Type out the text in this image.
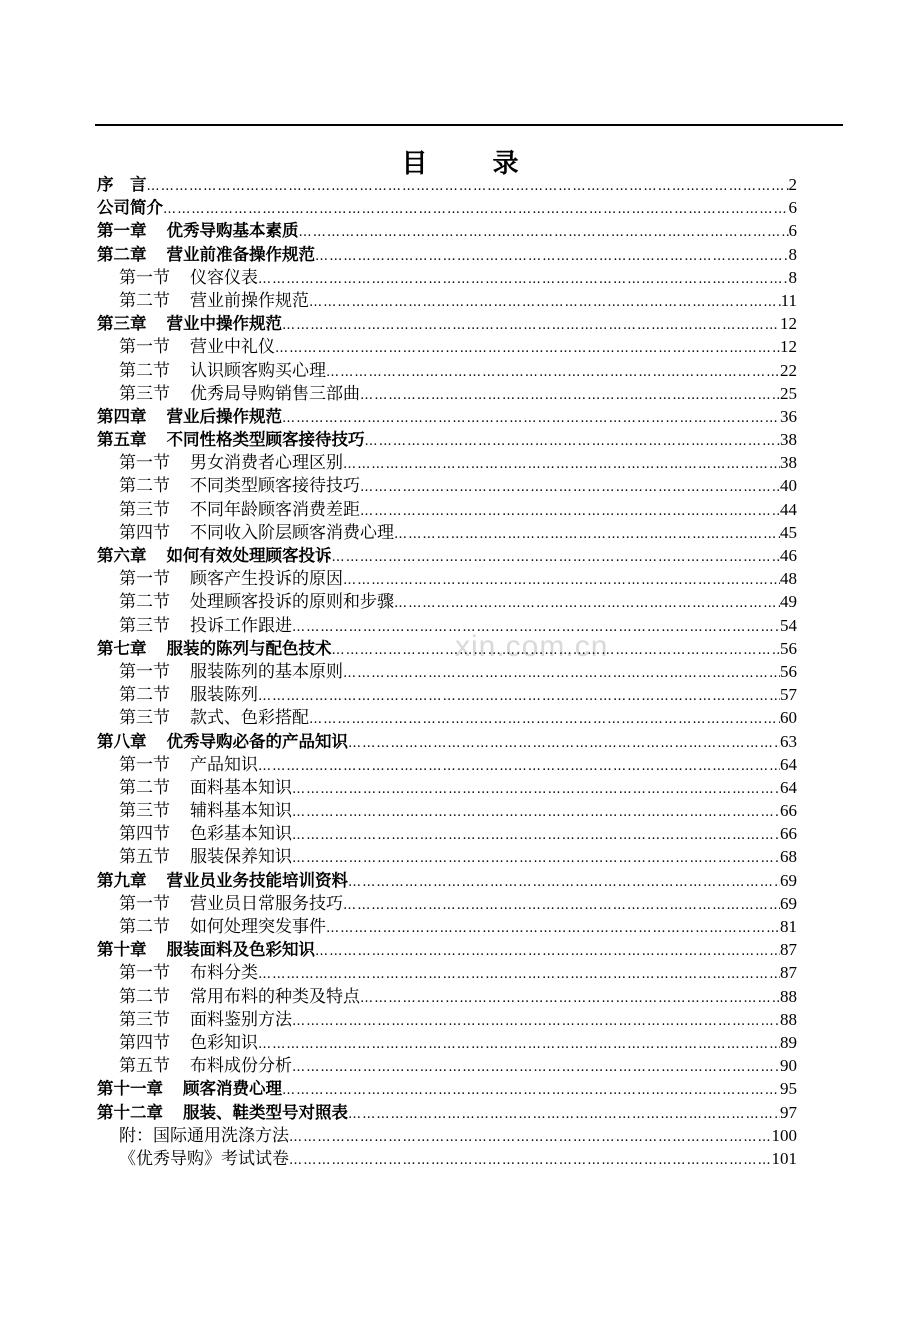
目 录
xin.com.cn
序　言 ……………………………………………………………………………………………………………………………………………………………………………………………………	2
公司简介 ……………………………………………………………………………………………………………………………………………………………………………………………………	6
第一章 优秀导购基本素质 ……………………………………………………………………………………………………………………………………………………………………………………………………	6
第二章 营业前准备操作规范 ……………………………………………………………………………………………………………………………………………………………………………………………………	8
第一节 仪容仪表 ……………………………………………………………………………………………………………………………………………………………………………………………………	8
第二节 营业前操作规范 ……………………………………………………………………………………………………………………………………………………………………………………………………	11
第三章 营业中操作规范 ……………………………………………………………………………………………………………………………………………………………………………………………………	12
第一节 营业中礼仪 ……………………………………………………………………………………………………………………………………………………………………………………………………	12
第二节 认识顾客购买心理 ……………………………………………………………………………………………………………………………………………………………………………………………………	22
第三节 优秀局导购销售三部曲 ……………………………………………………………………………………………………………………………………………………………………………………………………	25
第四章 营业后操作规范 ……………………………………………………………………………………………………………………………………………………………………………………………………	36
第五章 不同性格类型顾客接待技巧 ……………………………………………………………………………………………………………………………………………………………………………………………………	38
第一节 男女消费者心理区别 ……………………………………………………………………………………………………………………………………………………………………………………………………	38
第二节 不同类型顾客接待技巧 ……………………………………………………………………………………………………………………………………………………………………………………………………	40
第三节 不同年龄顾客消费差距 ……………………………………………………………………………………………………………………………………………………………………………………………………	44
第四节 不同收入阶层顾客消费心理 ……………………………………………………………………………………………………………………………………………………………………………………………………	45
第六章 如何有效处理顾客投诉 ……………………………………………………………………………………………………………………………………………………………………………………………………	46
第一节 顾客产生投诉的原因 ……………………………………………………………………………………………………………………………………………………………………………………………………	48
第二节 处理顾客投诉的原则和步骤 ……………………………………………………………………………………………………………………………………………………………………………………………………	49
第三节 投诉工作跟进 ……………………………………………………………………………………………………………………………………………………………………………………………………	54
第七章 服装的陈列与配色技术 ……………………………………………………………………………………………………………………………………………………………………………………………………	56
第一节 服装陈列的基本原则 ……………………………………………………………………………………………………………………………………………………………………………………………………	56
第二节 服装陈列 ……………………………………………………………………………………………………………………………………………………………………………………………………	57
第三节 款式、色彩搭配 ……………………………………………………………………………………………………………………………………………………………………………………………………	60
第八章 优秀导购必备的产品知识 ……………………………………………………………………………………………………………………………………………………………………………………………………	63
第一节 产品知识 ……………………………………………………………………………………………………………………………………………………………………………………………………	64
第二节 面料基本知识 ……………………………………………………………………………………………………………………………………………………………………………………………………	64
第三节 辅料基本知识 ……………………………………………………………………………………………………………………………………………………………………………………………………	66
第四节 色彩基本知识 ……………………………………………………………………………………………………………………………………………………………………………………………………	66
第五节 服装保养知识 ……………………………………………………………………………………………………………………………………………………………………………………………………	68
第九章 营业员业务技能培训资料 ……………………………………………………………………………………………………………………………………………………………………………………………………	69
第一节 营业员日常服务技巧 ……………………………………………………………………………………………………………………………………………………………………………………………………	69
第二节 如何处理突发事件 ……………………………………………………………………………………………………………………………………………………………………………………………………	81
第十章 服装面料及色彩知识 ……………………………………………………………………………………………………………………………………………………………………………………………………	87
第一节 布料分类 ……………………………………………………………………………………………………………………………………………………………………………………………………	87
第二节 常用布料的种类及特点 ……………………………………………………………………………………………………………………………………………………………………………………………………	88
第三节 面料鉴别方法 ……………………………………………………………………………………………………………………………………………………………………………………………………	88
第四节 色彩知识 ……………………………………………………………………………………………………………………………………………………………………………………………………	89
第五节 布料成份分析 ……………………………………………………………………………………………………………………………………………………………………………………………………	90
第十一章 顾客消费心理 ……………………………………………………………………………………………………………………………………………………………………………………………………	95
第十二章 服装、鞋类型号对照表 ……………………………………………………………………………………………………………………………………………………………………………………………………	97
附：国际通用洗涤方法 ……………………………………………………………………………………………………………………………………………………………………………………………………	100
《优秀导购》考试试卷 ……………………………………………………………………………………………………………………………………………………………………………………………………	101
